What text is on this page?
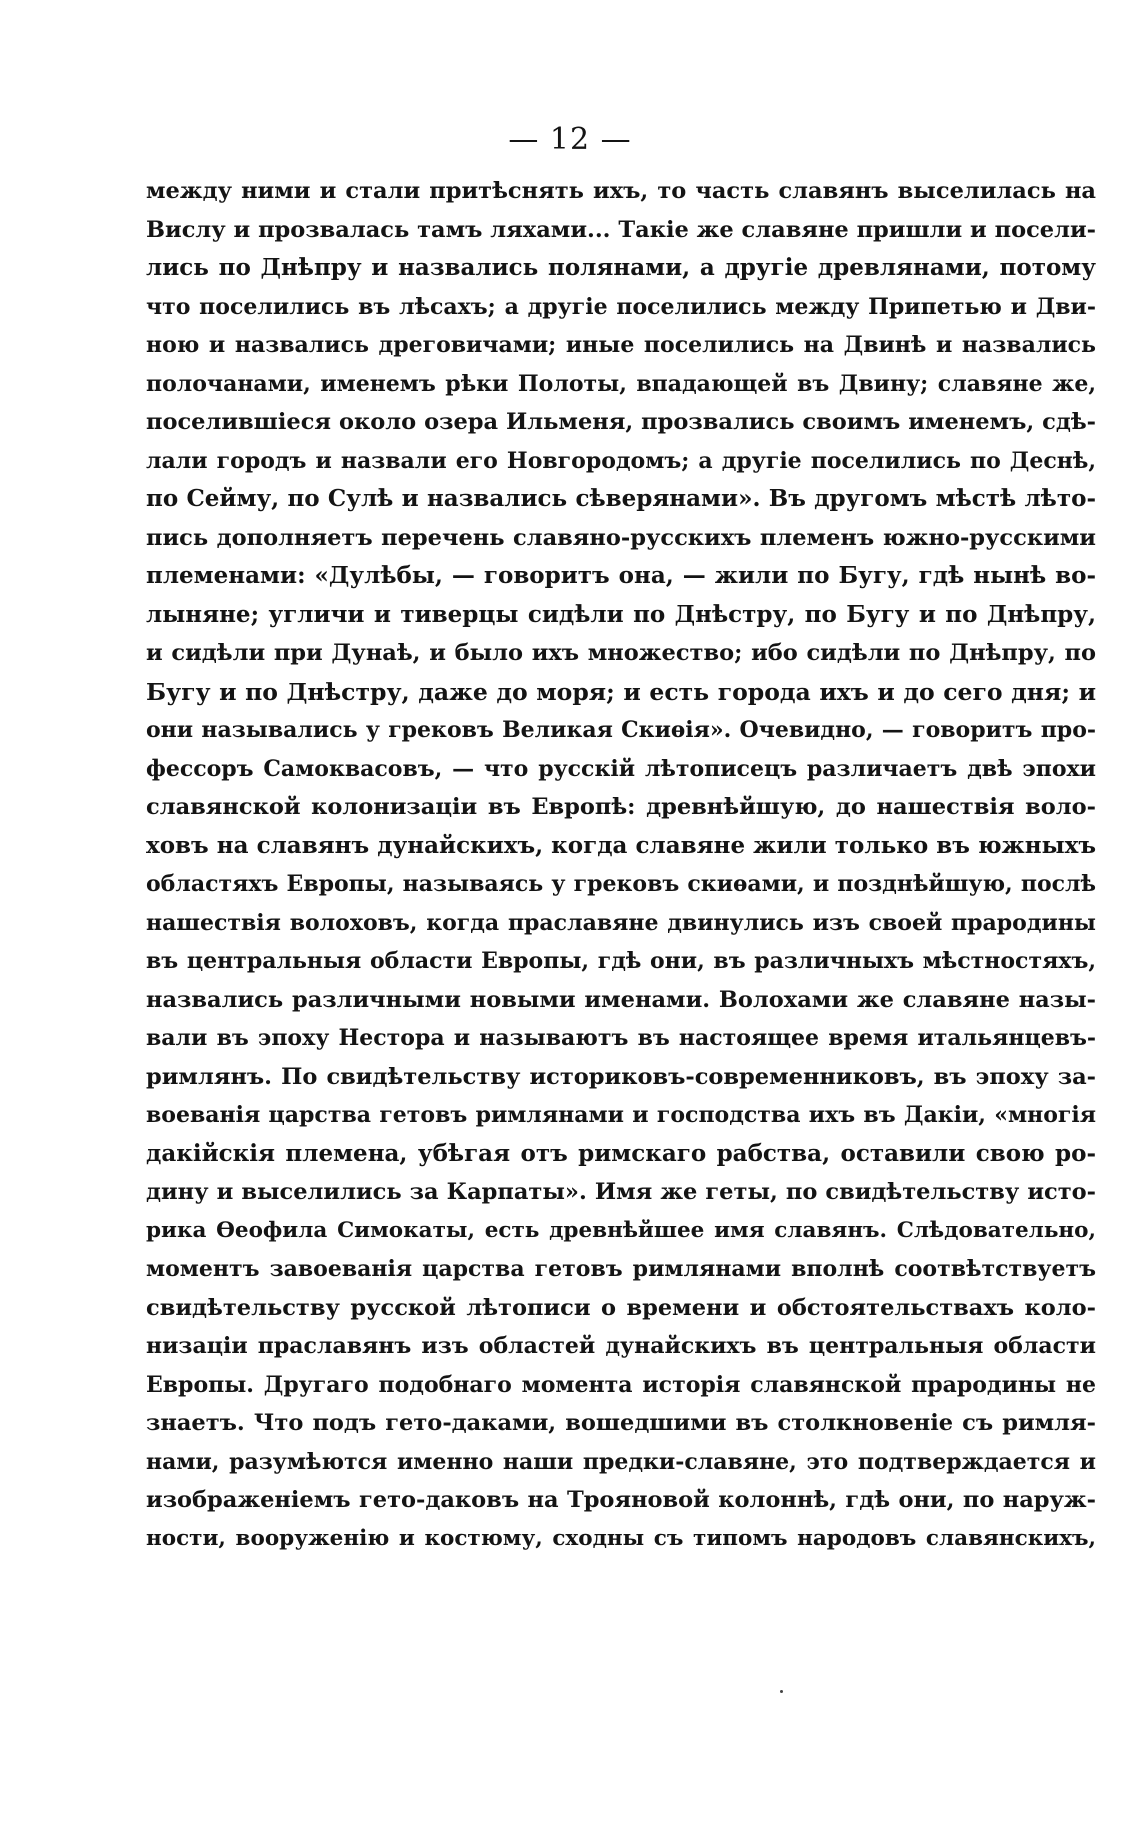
— 12 —
между ними и стали притѣснять ихъ, то часть славянъ выселилась на
Вислу и прозвалась тамъ ляхами... Такіе же славяне пришли и посели-
лись по Днѣпру и назвались полянами, а другіе древлянами, потому
что поселились въ лѣсахъ; а другіе поселились между Припетью и Дви-
ною и назвались дреговичами; иные поселились на Двинѣ и назвались
полочанами, именемъ рѣки Полоты, впадающей въ Двину; славяне же,
поселившіеся около озера Ильменя, прозвались своимъ именемъ, сдѣ-
лали городъ и назвали его Новгородомъ; а другіе поселились по Деснѣ,
по Сейму, по Сулѣ и назвались сѣверянами». Въ другомъ мѣстѣ лѣто-
пись дополняетъ перечень славяно-русскихъ племенъ южно-русскими
племенами: «Дулѣбы, — говоритъ она, — жили по Бугу, гдѣ нынѣ во-
лыняне; угличи и тиверцы сидѣли по Днѣстру, по Бугу и по Днѣпру,
и сидѣли при Дунаѣ, и было ихъ множество; ибо сидѣли по Днѣпру, по
Бугу и по Днѣстру, даже до моря; и есть города ихъ и до сего дня; и
они назывались у грековъ Великая Скиѳія». Очевидно, — говоритъ про-
фессоръ Самоквасовъ, — что русскій лѣтописецъ различаетъ двѣ эпохи
славянской колонизаціи въ Европѣ: древнѣйшую, до нашествія воло-
ховъ на славянъ дунайскихъ, когда славяне жили только въ южныхъ
областяхъ Европы, называясь у грековъ скиѳами, и позднѣйшую, послѣ
нашествія волоховъ, когда праславяне двинулись изъ своей прародины
въ центральныя области Европы, гдѣ они, въ различныхъ мѣстностяхъ,
назвались различными новыми именами. Волохами же славяне назы-
вали въ эпоху Нестора и называютъ въ настоящее время итальянцевъ-
римлянъ. По свидѣтельству историковъ-современниковъ, въ эпоху за-
воеванія царства гетовъ римлянами и господства ихъ въ Дакіи, «многія
дакійскія племена, убѣгая отъ римскаго рабства, оставили свою ро-
дину и выселились за Карпаты». Имя же геты, по свидѣтельству исто-
рика Ѳеофила Симокаты, есть древнѣйшее имя славянъ. Слѣдовательно,
моментъ завоеванія царства гетовъ римлянами вполнѣ соотвѣтствуетъ
свидѣтельству русской лѣтописи о времени и обстоятельствахъ коло-
низаціи праславянъ изъ областей дунайскихъ въ центральныя области
Европы. Другаго подобнаго момента исторія славянской прародины не
знаетъ. Что подъ гето-даками, вошедшими въ столкновеніе съ римля-
нами, разумѣются именно наши предки-славяне, это подтверждается и
изображеніемъ гето-даковъ на Трояновой колоннѣ, гдѣ они, по наруж-
ности, вооруженію и костюму, сходны съ типомъ народовъ славянскихъ,
